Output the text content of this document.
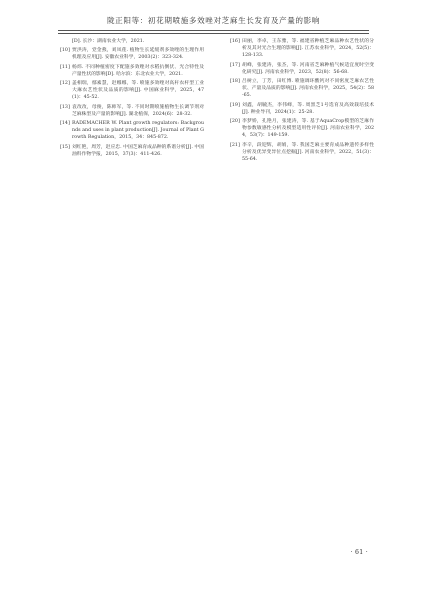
陇正阳等：初花期喷施多效唑对芝麻生长发育及产量的影响
[D]. 长沙：湖南农业大学，2021.
[10] 贾洪涛，党金燕，刘凤莲. 植物生长延缓剂多效唑的生理作用机理及应用[J]. 安徽农业科学，2003(2)：323-324.
[11] 杨炜. 不同种植密度下配施多效唑对水稻抗倒伏、光合特性及产量性状的影响[D]. 哈尔滨：东北农业大学，2021.
[12] 盖相瑞，鄢素慧，赵娜娜，等. 喷施多效唑对高秆农杆型工业大麻农艺性状及品质的影响[J]. 中国麻业科学，2025，47(1)：45-52.
[13] 袁改改，母俊，陈师军，等. 不同时期喷施植物生长调节剂对芝麻株型及产量的影响[J]. 湖北植保，2024(6)：28-32.
[14] RADEMACHER W. Plant growth regulators: Backgrounds and uses in plant production[J]. Journal of Plant Growth Regulation，2015，34：845-872.
[15] 刘红艳，周芳，赵应忠. 中国芝麻育成品种的系谱分析[J]. 中国油料作物学报，2015，37(3)：411-426.
[16] 田丽，李卓，王东雅，等. 福建省种植芝麻品种农艺性状的分析及其对光合生理的影响[J]. 江苏农业科学，2024，52(5)：128-133.
[17] 胡峰，张建涛，张杰，等. 河南省芝麻种植气候适宜度时空变化研究[J]. 河南农业科学，2023，52(8)：56-68.
[18] 吕树立，丁芳，田红博. 喷施调环酸钙对不同密度芝麻农艺性状、产量及品质的影响[J]. 河南农业科学，2025，54(2)：58-65.
[19] 刘鑫，胡毓杰，李伟峰，等. 周黑芝1号选育及高效栽培技术[J]. 种业导刊，2024(1)：25-28.
[20] 李梦娇，孔艳月，张建涛，等. 基于AquaCrop模型的芝麻作物参数敏感性分析及模型适用性评价[J]. 河南农业科学，2024，53(7)：149-159.
[21] 李辛，段迎辉，胡娟，等. 我国芝麻主要育成品种遗传多样性分析及优异变异位点挖掘[J]. 河南农业科学，2022，51(3)：55-64.
· 61 ·
